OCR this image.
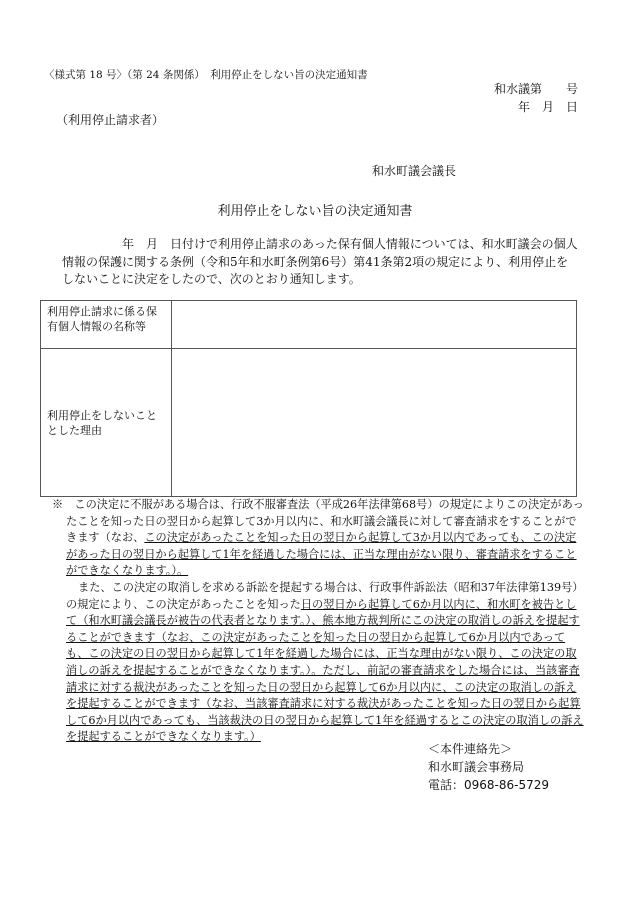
〈様式第 18 号〉（第 24 条関係）　利用停止をしない旨の決定通知書
和水議第　　号
年　月　日
（利用停止請求者）
和水町議会議長
利用停止をしない旨の決定通知書
　年　月　日付けで利用停止請求のあった保有個人情報については、和水町議会の個人情報の保護に関する条例（令和5年和水町条例第6号）第41条第2項の規定により、利用停止をしないことに決定をしたので、次のとおり通知します。
利用停止請求に係る保有個人情報の名称等	
利用停止をしないこととした理由	
※　 この決定に不服がある場合は、行政不服審査法（平成26年法律第68号）の規定によりこの決定があったことを知った日の翌日から起算して3か月以内に、和水町議会議長に対して審査請求をすることができます（なお、この決定があったことを知った日の翌日から起算して3か月以内であっても、この決定があった日の翌日から起算して1年を経過した場合には、正当な理由がない限り、審査請求をすることができなくなります。）。
また、この決定の取消しを求める訴訟を提起する場合は、行政事件訴訟法（昭和37年法律第139号）の規定により、この決定があったことを知った日の翌日から起算して6か月以内に、和水町を被告として（和水町議会議長が被告の代表者となります。）、熊本地方裁判所にこの決定の取消しの訴えを提起することができます（なお、この決定があったことを知った日の翌日から起算して6か月以内であっても、この決定の日の翌日から起算して1年を経過した場合には、正当な理由がない限り、この決定の取消しの訴えを提起することができなくなります。）。ただし、前記の審査請求をした場合には、当該審査請求に対する裁決があったことを知った日の翌日から起算して6か月以内に、この決定の取消しの訴えを提起することができます（なお、当該審査請求に対する裁決があったことを知った日の翌日から起算して6か月以内であっても、当該裁決の日の翌日から起算して1年を経過するとこの決定の取消しの訴えを提起することができなくなります。）
＜本件連絡先＞
和水町議会事務局
電話：0968-86-5729
